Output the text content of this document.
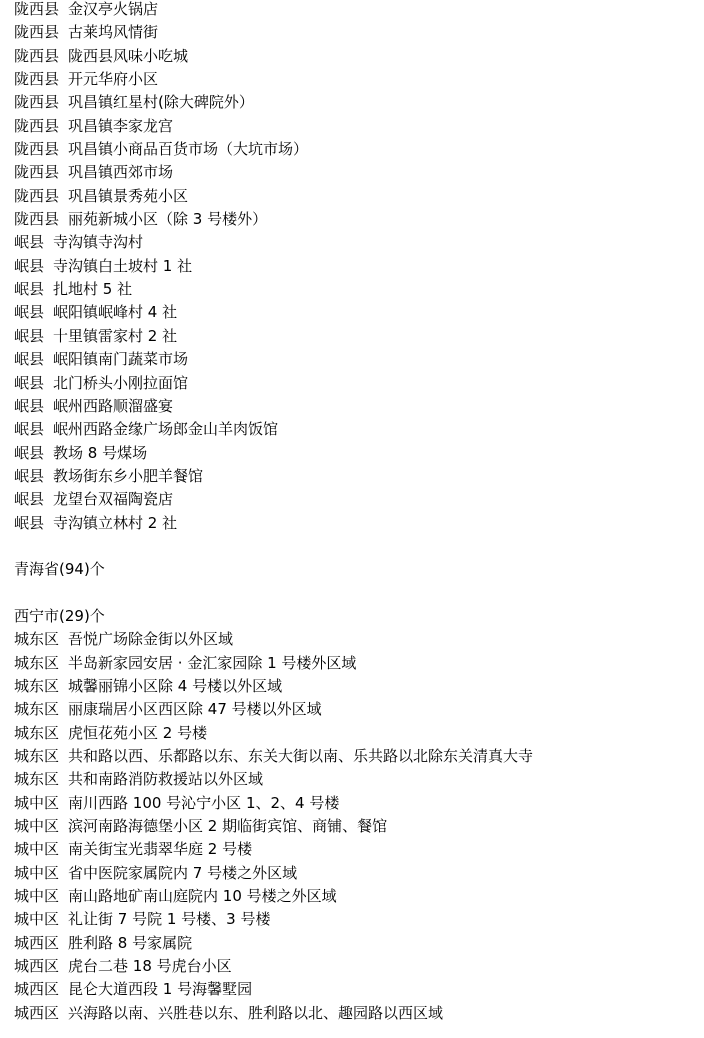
陇西县 金汉亭火锅店
陇西县 古莱坞风情街
陇西县 陇西县风味小吃城
陇西县 开元华府小区
陇西县 巩昌镇红星村(除大碑院外）
陇西县 巩昌镇李家龙宫
陇西县 巩昌镇小商品百货市场（大坑市场）
陇西县 巩昌镇西郊市场
陇西县 巩昌镇景秀苑小区
陇西县 丽苑新城小区（除 3 号楼外）
岷县 寺沟镇寺沟村
岷县 寺沟镇白土坡村 1 社
岷县 扎地村 5 社
岷县 岷阳镇岷峰村 4 社
岷县 十里镇雷家村 2 社
岷县 岷阳镇南门蔬菜市场
岷县 北门桥头小刚拉面馆
岷县 岷州西路顺溜盛宴
岷县 岷州西路金缘广场郎金山羊肉饭馆
岷县 教场 8 号煤场
岷县 教场街东乡小肥羊餐馆
岷县 龙望台双福陶瓷店
岷县 寺沟镇立林村 2 社
青海省(94)个
西宁市(29)个
城东区 吾悦广场除金街以外区域
城东区 半岛新家园安居 · 金汇家园除 1 号楼外区域
城东区 城馨丽锦小区除 4 号楼以外区域
城东区 丽康瑞居小区西区除 47 号楼以外区域
城东区 虎恒花苑小区 2 号楼
城东区 共和路以西、乐都路以东、东关大街以南、乐共路以北除东关清真大寺
城东区 共和南路消防救援站以外区域
城中区 南川西路 100 号沁宁小区 1、2、4 号楼
城中区 滨河南路海德堡小区 2 期临街宾馆、商铺、餐馆
城中区 南关街宝光翡翠华庭 2 号楼
城中区 省中医院家属院内 7 号楼之外区域
城中区 南山路地矿南山庭院内 10 号楼之外区域
城中区 礼让街 7 号院 1 号楼、3 号楼
城西区 胜利路 8 号家属院
城西区 虎台二巷 18 号虎台小区
城西区 昆仑大道西段 1 号海馨墅园
城西区 兴海路以南、兴胜巷以东、胜利路以北、趣园路以西区域
